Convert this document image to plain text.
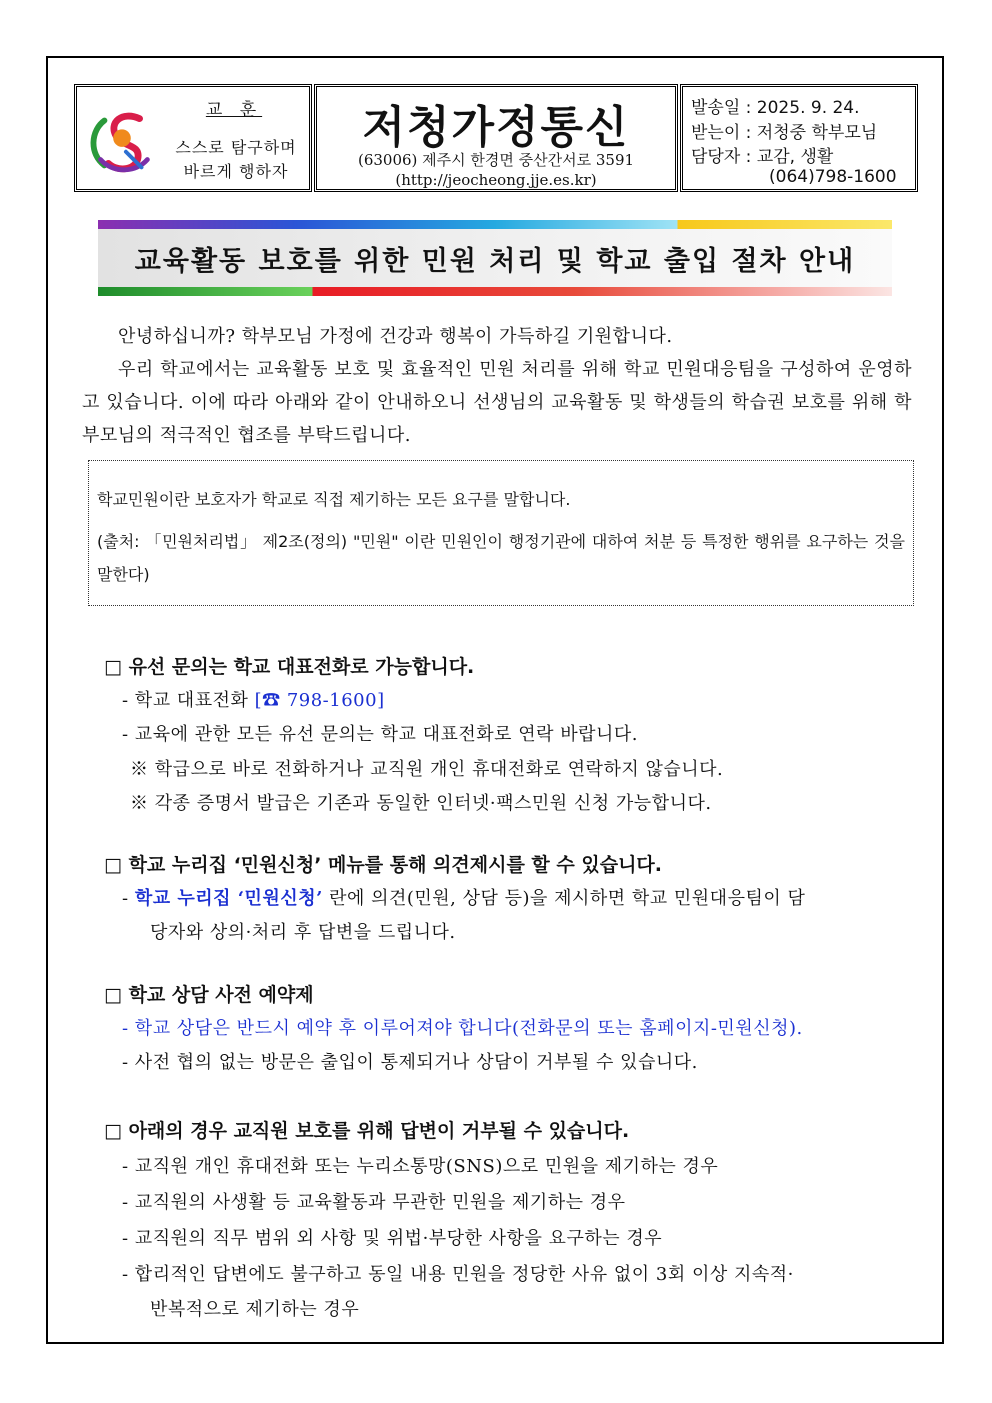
교 훈
스스로 탐구하며
바르게 행하자
저청가정통신
(63006) 제주시 한경면 중산간서로 3591
(http://jeocheong.jje.es.kr)
발송일 : 2025. 9. 24.
받는이 : 저청중 학부모님
담당자 : 교감, 생활
(064)798-1600
교육활동 보호를 위한 민원 처리 및 학교 출입 절차 안내
안녕하십니까? 학부모님 가정에 건강과 행복이 가득하길 기원합니다.
우리 학교에서는 교육활동 보호 및 효율적인 민원 처리를 위해 학교 민원대응팀을 구성하여 운영하고 있습니다. 이에 따라 아래와 같이 안내하오니 선생님의 교육활동 및 학생들의 학습권 보호를 위해 학부모님의 적극적인 협조를 부탁드립니다.
학교민원이란 보호자가 학교로 직접 제기하는 모든 요구를 말합니다.
(출처: 「민원처리법」 제2조(정의) "민원" 이란 민원인이 행정기관에 대하여 처분 등 특정한 행위를 요구하는 것을 말한다)
□ 유선 문의는 학교 대표전화로 가능합니다.
- 학교 대표전화 [☎ 798-1600]
- 교육에 관한 모든 유선 문의는 학교 대표전화로 연락 바랍니다.
※ 학급으로 바로 전화하거나 교직원 개인 휴대전화로 연락하지 않습니다.
※ 각종 증명서 발급은 기존과 동일한 인터넷·팩스민원 신청 가능합니다.
□ 학교 누리집 ‘민원신청’ 메뉴를 통해 의견제시를 할 수 있습니다.
- 학교 누리집 ‘민원신청’ 란에 의견(민원, 상담 등)을 제시하면 학교 민원대응팀이 담
당자와 상의·처리 후 답변을 드립니다.
□ 학교 상담 사전 예약제
- 학교 상담은 반드시 예약 후 이루어져야 합니다(전화문의 또는 홈페이지-민원신청).
- 사전 협의 없는 방문은 출입이 통제되거나 상담이 거부될 수 있습니다.
□ 아래의 경우 교직원 보호를 위해 답변이 거부될 수 있습니다.
- 교직원 개인 휴대전화 또는 누리소통망(SNS)으로 민원을 제기하는 경우
- 교직원의 사생활 등 교육활동과 무관한 민원을 제기하는 경우
- 교직원의 직무 범위 외 사항 및 위법·부당한 사항을 요구하는 경우
- 합리적인 답변에도 불구하고 동일 내용 민원을 정당한 사유 없이 3회 이상 지속적·
반복적으로 제기하는 경우
